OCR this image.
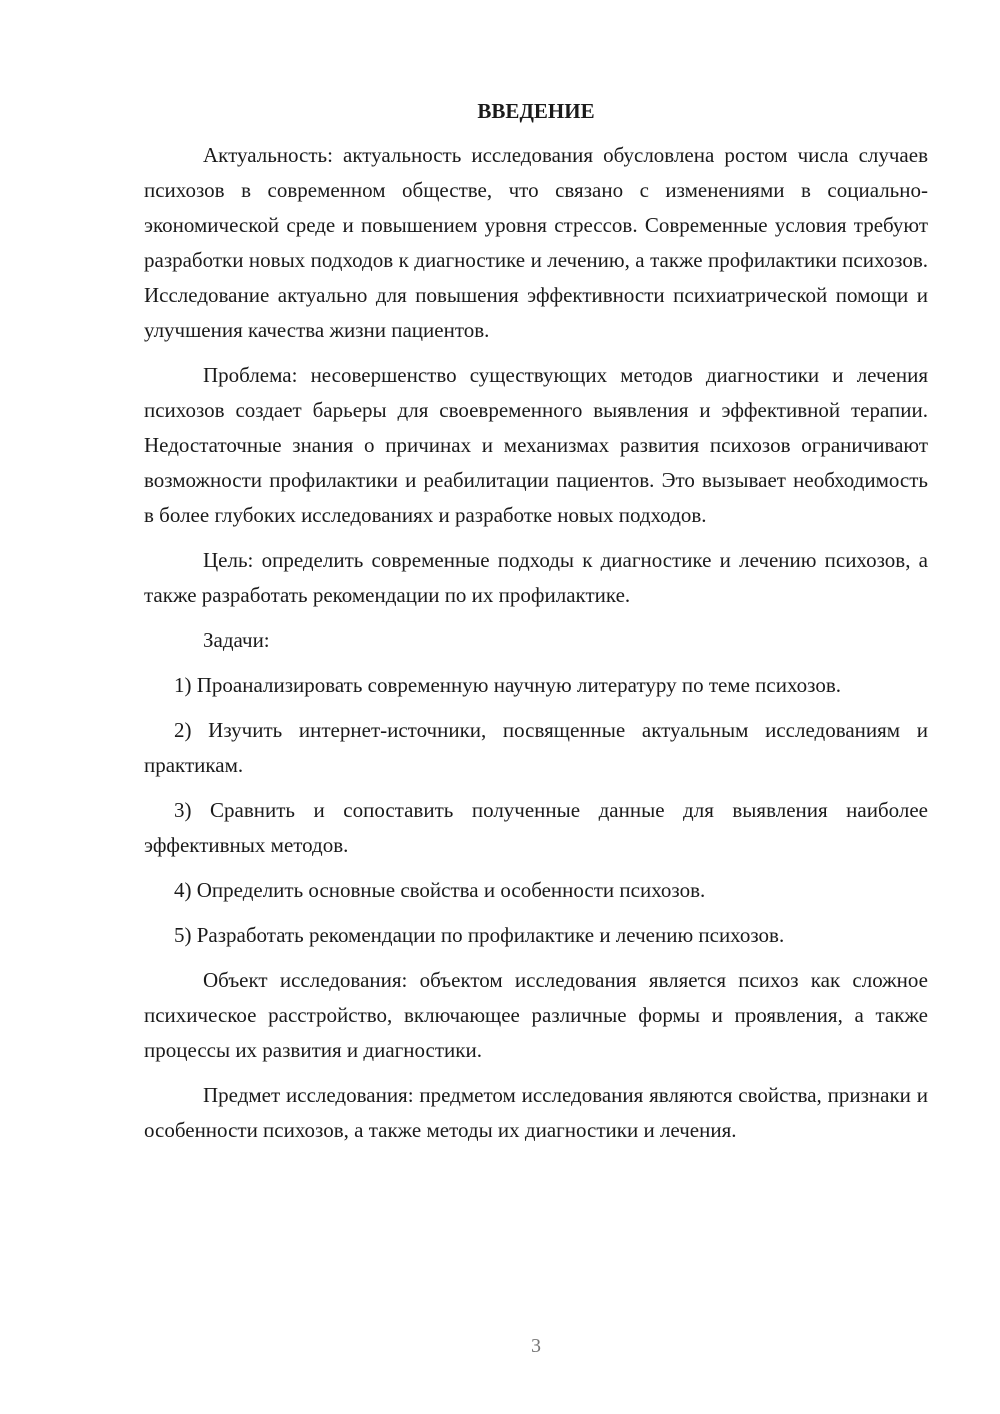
ВВЕДЕНИЕ

Актуальность: актуальность исследования обусловлена ростом числа случаев психозов в современном обществе, что связано с изменениями в социально-экономической среде и повышением уровня стрессов. Современные условия требуют разработки новых подходов к диагностике и лечению, а также профилактики психозов. Исследование актуально для повышения эффективности психиатрической помощи и улучшения качества жизни пациентов.

Проблема: несовершенство существующих методов диагностики и лечения психозов создает барьеры для своевременного выявления и эффективной терапии. Недостаточные знания о причинах и механизмах развития психозов ограничивают возможности профилактики и реабилитации пациентов. Это вызывает необходимость в более глубоких исследованиях и разработке новых подходов.

Цель: определить современные подходы к диагностике и лечению психозов, а также разработать рекомендации по их профилактике.

Задачи:

1) Проанализировать современную научную литературу по теме психозов.

2) Изучить интернет-источники, посвященные актуальным исследованиям и практикам.

3) Сравнить и сопоставить полученные данные для выявления наиболее эффективных методов.

4) Определить основные свойства и особенности психозов.

5) Разработать рекомендации по профилактике и лечению психозов.

Объект исследования: объектом исследования является психоз как сложное психическое расстройство, включающее различные формы и проявления, а также процессы их развития и диагностики.

Предмет исследования: предметом исследования являются свойства, признаки и особенности психозов, а также методы их диагностики и лечения.

3
